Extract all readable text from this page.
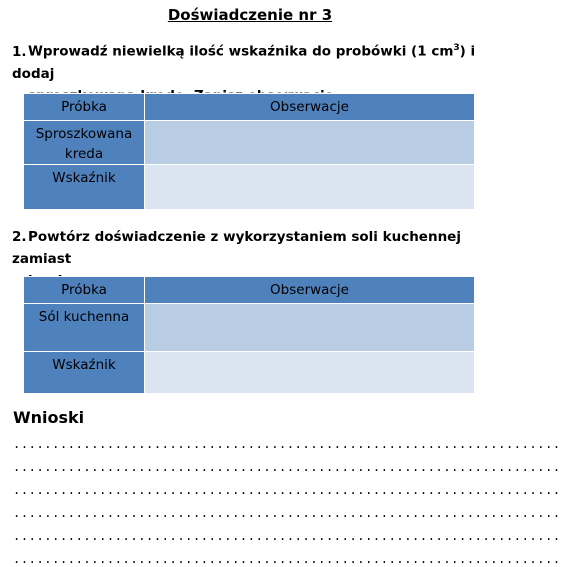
Doświadczenie nr 3
1.Wprowadź niewielką ilość wskaźnika do probówki (1 $cm^3$) i dodaj
Próbka	Obserwacje
Sproszkowana kreda	
Wskaźnik	
2.Powtórz doświadczenie z wykorzystaniem soli kuchennej zamiast
Próbka	Obserwacje
Sól kuchenna	
Wskaźnik	
Wnioski
......................................................................
......................................................................
......................................................................
......................................................................
......................................................................
......................................................................
